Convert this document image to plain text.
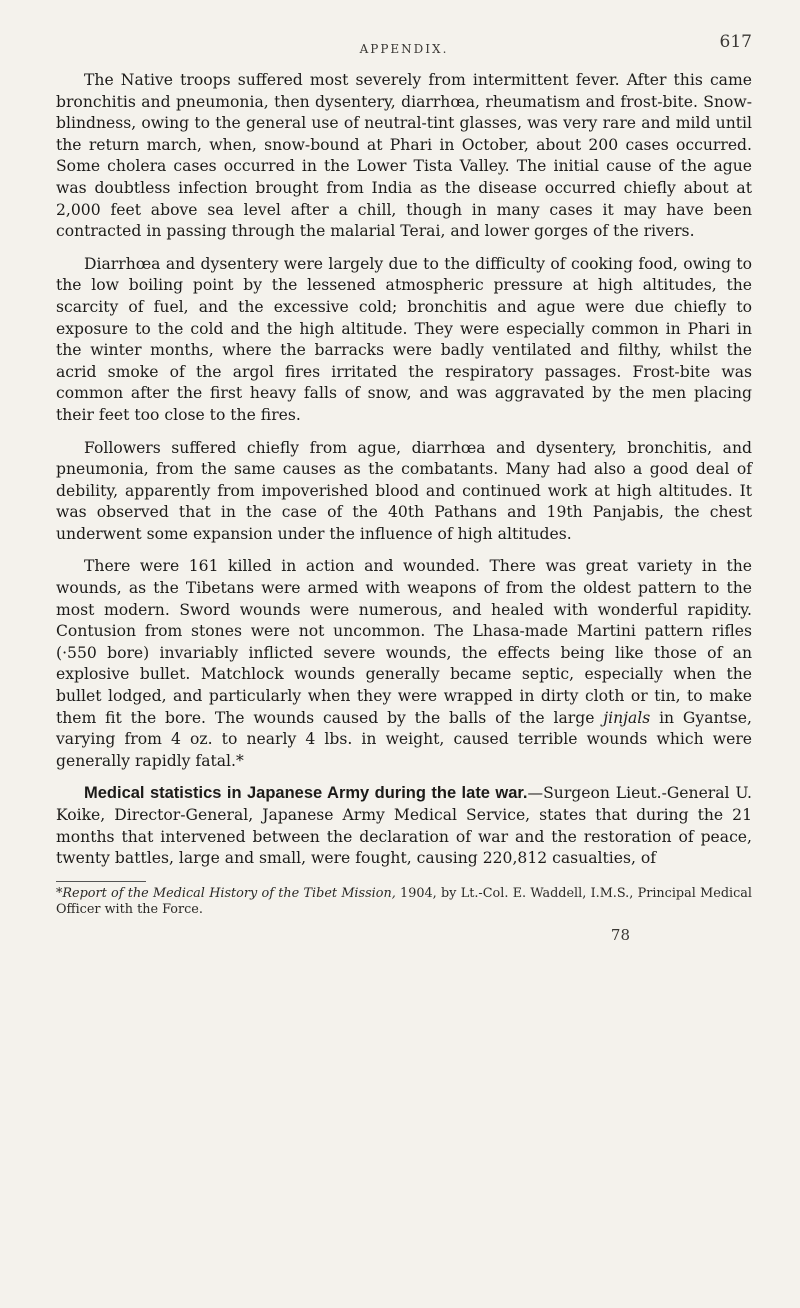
APPENDIX.	617

The Native troops suffered most severely from intermittent fever. After this came bronchitis and pneumonia, then dysentery, diarrhœa, rheumatism and frost-bite. Snow-blindness, owing to the general use of neutral-tint glasses, was very rare and mild until the return march, when, snow-bound at Phari in October, about 200 cases occurred. Some cholera cases occurred in the Lower Tista Valley. The initial cause of the ague was doubtless infection brought from India as the disease occurred chiefly about at 2,000 feet above sea level after a chill, though in many cases it may have been contracted in passing through the malarial Terai, and lower gorges of the rivers.

Diarrhœa and dysentery were largely due to the difficulty of cooking food, owing to the low boiling point by the lessened atmospheric pressure at high altitudes, the scarcity of fuel, and the excessive cold; bronchitis and ague were due chiefly to exposure to the cold and the high altitude. They were especially common in Phari in the winter months, where the barracks were badly ventilated and filthy, whilst the acrid smoke of the argol fires irritated the respiratory passages. Frost-bite was common after the first heavy falls of snow, and was aggravated by the men placing their feet too close to the fires.

Followers suffered chiefly from ague, diarrhœa and dysentery, bronchitis, and pneumonia, from the same causes as the combatants. Many had also a good deal of debility, apparently from impoverished blood and continued work at high altitudes. It was observed that in the case of the 40th Pathans and 19th Panjabis, the chest underwent some expansion under the influence of high altitudes.

There were 161 killed in action and wounded. There was great variety in the wounds, as the Tibetans were armed with weapons of from the oldest pattern to the most modern. Sword wounds were numerous, and healed with wonderful rapidity. Contusion from stones were not uncommon. The Lhasa-made Martini pattern rifles (·550 bore) invariably inflicted severe wounds, the effects being like those of an explosive bullet. Matchlock wounds generally became septic, especially when the bullet lodged, and particularly when they were wrapped in dirty cloth or tin, to make them fit the bore. The wounds caused by the balls of the large jinjals in Gyantse, varying from 4 oz. to nearly 4 lbs. in weight, caused terrible wounds which were generally rapidly fatal.*

Medical statistics in Japanese Army during the late war.—Surgeon Lieut.-General U. Koike, Director-General, Japanese Army Medical Service, states that during the 21 months that intervened between the declaration of war and the restoration of peace, twenty battles, large and small, were fought, causing 220,812 casualties, of

*Report of the Medical History of the Tibet Mission, 1904, by Lt.-Col. E. Waddell, I.M.S., Principal Medical Officer with the Force.
78
